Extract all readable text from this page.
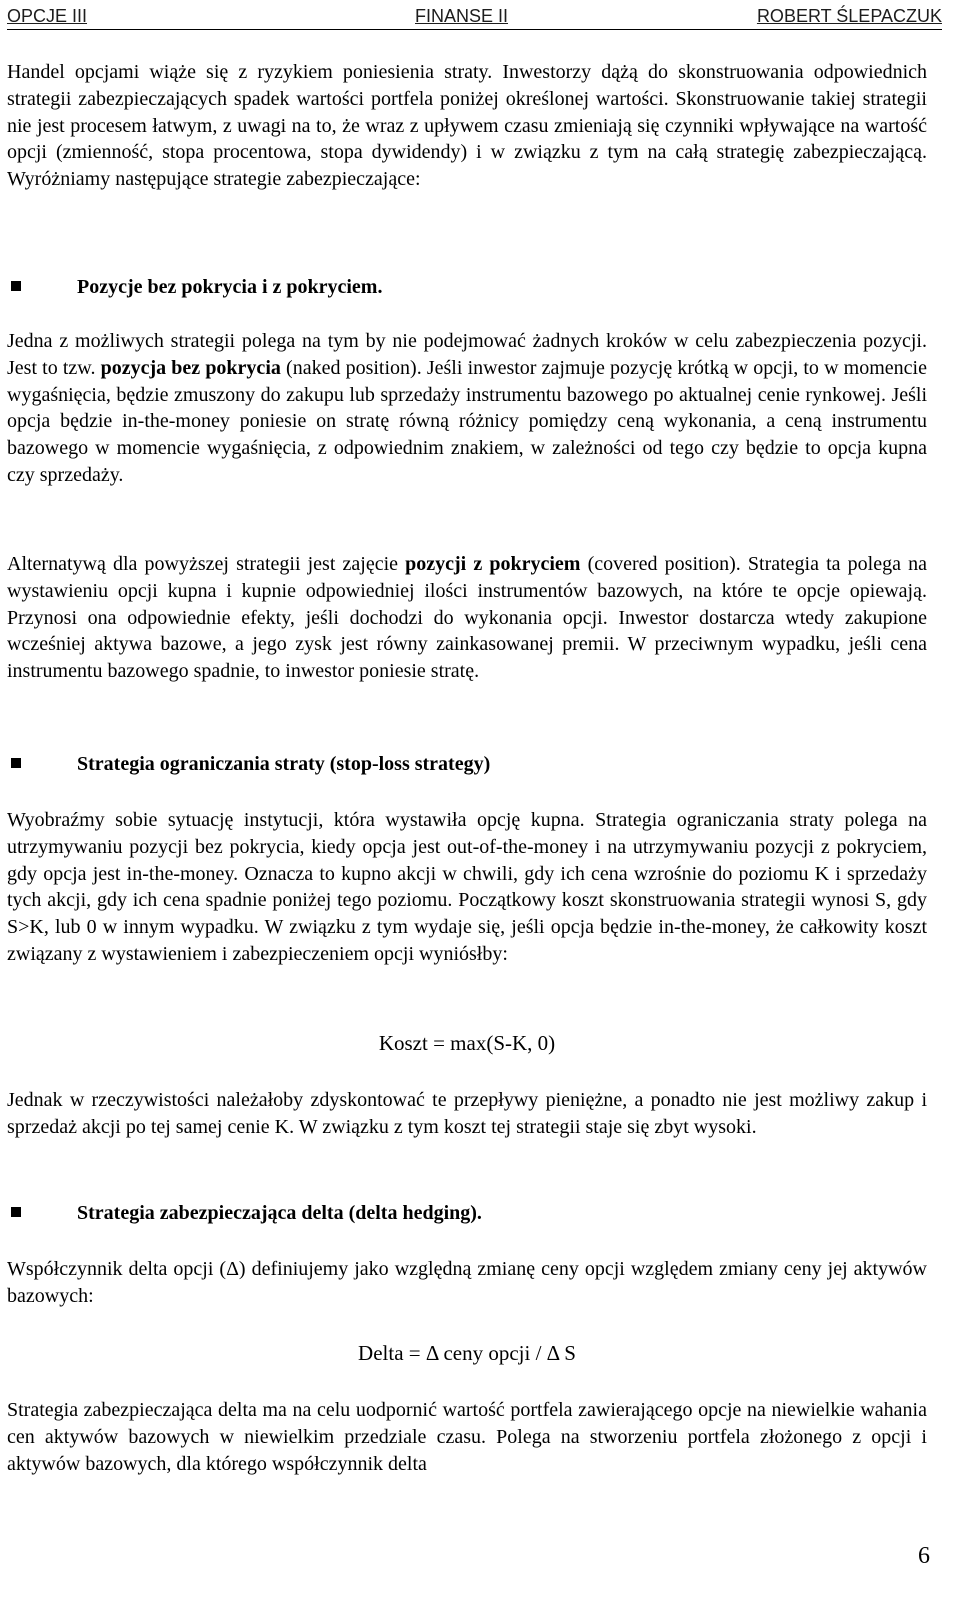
OPCJE III	FINANSE II	ROBERT ŚLEPACZUK

Handel opcjami wiąże się z ryzykiem poniesienia straty. Inwestorzy dążą do skonstruowania odpowiednich strategii zabezpieczających spadek wartości portfela poniżej określonej wartości. Skonstruowanie takiej strategii nie jest procesem łatwym, z uwagi na to, że wraz z upływem czasu zmieniają się czynniki wpływające na wartość opcji (zmienność, stopa procentowa, stopa dywidendy) i w związku z tym na całą strategię zabezpieczającą. Wyróżniamy następujące strategie zabezpieczające:

Pozycje bez pokrycia i z pokryciem.

Jedna z możliwych strategii polega na tym by nie podejmować żadnych kroków w celu zabezpieczenia pozycji. Jest to tzw. pozycja bez pokrycia (naked position). Jeśli inwestor zajmuje pozycję krótką w opcji, to w momencie wygaśnięcia, będzie zmuszony do zakupu lub sprzedaży instrumentu bazowego po aktualnej cenie rynkowej. Jeśli opcja będzie in-the-money poniesie on stratę równą różnicy pomiędzy ceną wykonania, a ceną instrumentu bazowego w momencie wygaśnięcia, z odpowiednim znakiem, w zależności od tego czy będzie to opcja kupna czy sprzedaży.

Alternatywą dla powyższej strategii jest zajęcie pozycji z pokryciem (covered position). Strategia ta polega na wystawieniu opcji kupna i kupnie odpowiedniej ilości instrumentów bazowych, na które te opcje opiewają. Przynosi ona odpowiednie efekty, jeśli dochodzi do wykonania opcji. Inwestor dostarcza wtedy zakupione wcześniej aktywa bazowe, a jego zysk jest równy zainkasowanej premii. W przeciwnym wypadku, jeśli cena instrumentu bazowego spadnie, to inwestor poniesie stratę.

Strategia ograniczania straty (stop-loss strategy)

Wyobraźmy sobie sytuację instytucji, która wystawiła opcję kupna. Strategia ograniczania straty polega na utrzymywaniu pozycji bez pokrycia, kiedy opcja jest out-of-the-money i na utrzymywaniu pozycji z pokryciem, gdy opcja jest in-the-money. Oznacza to kupno akcji w chwili, gdy ich cena wzrośnie do poziomu K i sprzedaży tych akcji, gdy ich cena spadnie poniżej tego poziomu. Początkowy koszt skonstruowania strategii wynosi S, gdy S>K, lub 0 w innym wypadku. W związku z tym wydaje się, jeśli opcja będzie in-the-money, że całkowity koszt związany z wystawieniem i zabezpieczeniem opcji wyniósłby:

Koszt = max(S-K, 0)

Jednak w rzeczywistości należałoby zdyskontować te przepływy pieniężne, a ponadto nie jest możliwy zakup i sprzedaż akcji po tej samej cenie K. W związku z tym koszt tej strategii staje się zbyt wysoki.

Strategia zabezpieczająca delta (delta hedging).

Współczynnik delta opcji (Δ) definiujemy jako względną zmianę ceny opcji względem zmiany ceny jej aktywów bazowych:

Delta = Δ ceny opcji / Δ S

Strategia zabezpieczająca delta ma na celu uodpornić wartość portfela zawierającego opcje na niewielkie wahania cen aktywów bazowych w niewielkim przedziale czasu. Polega na stworzeniu portfela złożonego z opcji i aktywów bazowych, dla którego współczynnik delta

6
